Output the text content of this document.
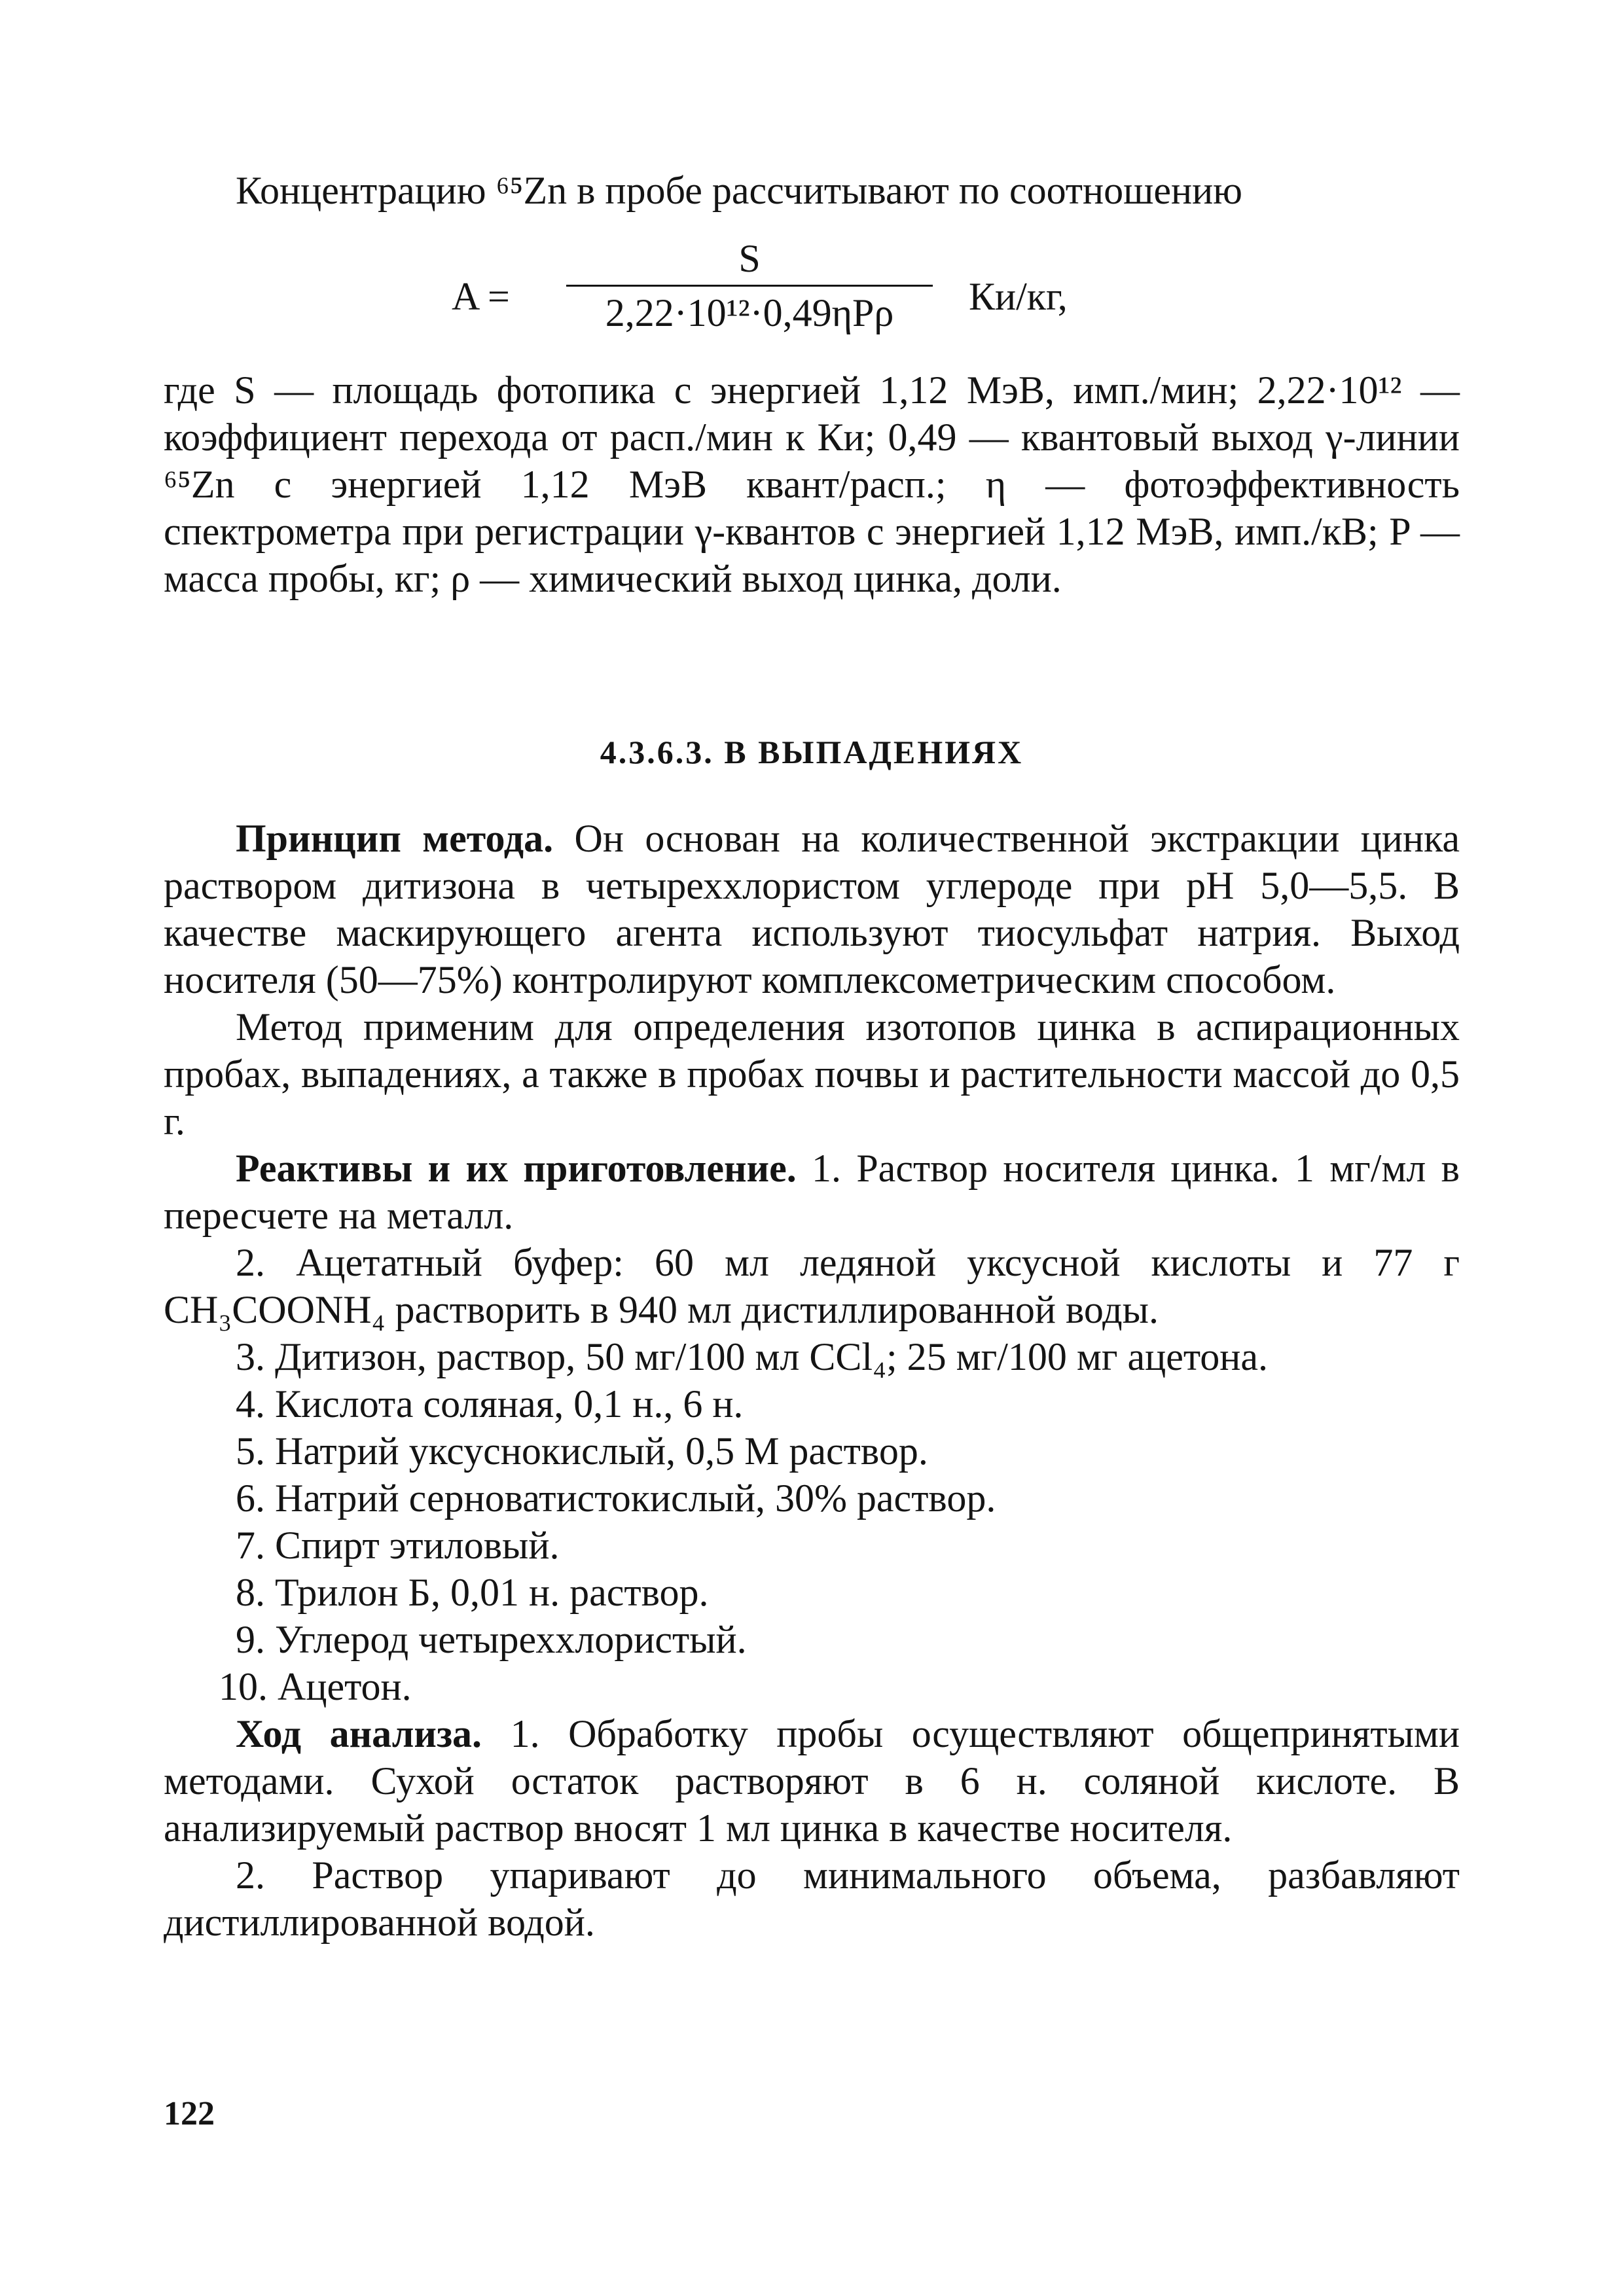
Концентрацию ⁶⁵Zn в пробе рассчитывают по соотношению

A =
S
2,22·10¹²·0,49ηPρ	Ки/кг,

где S — площадь фотопика с энергией 1,12 МэВ, имп./мин; 2,22·10¹² — коэффициент перехода от расп./мин к Ки; 0,49 — квантовый выход γ-линии ⁶⁵Zn с энергией 1,12 МэВ квант/расп.; η — фотоэффективность спектрометра при регистрации γ-квантов с энергией 1,12 МэВ, имп./кВ; P — масса пробы, кг; ρ — химический выход цинка, доли.

4.3.6.3. В ВЫПАДЕНИЯХ

Принцип метода. Он основан на количественной экстракции цинка раствором дитизона в четыреххлористом углероде при pH 5,0—5,5. В качестве маскирующего агента используют тиосульфат натрия. Выход носителя (50—75%) контролируют комплексометрическим способом.

Метод применим для определения изотопов цинка в аспирационных пробах, выпадениях, а также в пробах почвы и растительности массой до 0,5 г.

Реактивы и их приготовление. 1. Раствор носителя цинка. 1 мг/мл в пересчете на металл.

2. Ацетатный буфер: 60 мл ледяной уксусной кислоты и 77 г CH₃COONH₄ растворить в 940 мл дистиллированной воды.

3. Дитизон, раствор, 50 мг/100 мл CCl₄; 25 мг/100 мг ацетона.

4. Кислота соляная, 0,1 н., 6 н.

5. Натрий уксуснокислый, 0,5 М раствор.

6. Натрий серноватистокислый, 30% раствор.

7. Спирт этиловый.

8. Трилон Б, 0,01 н. раствор.

9. Углерод четыреххлористый.

10. Ацетон.

Ход анализа. 1. Обработку пробы осуществляют общепринятыми методами. Сухой остаток растворяют в 6 н. соляной кислоте. В анализируемый раствор вносят 1 мл цинка в качестве носителя.

2. Раствор упаривают до минимального объема, разбавляют дистиллированной водой.

122
